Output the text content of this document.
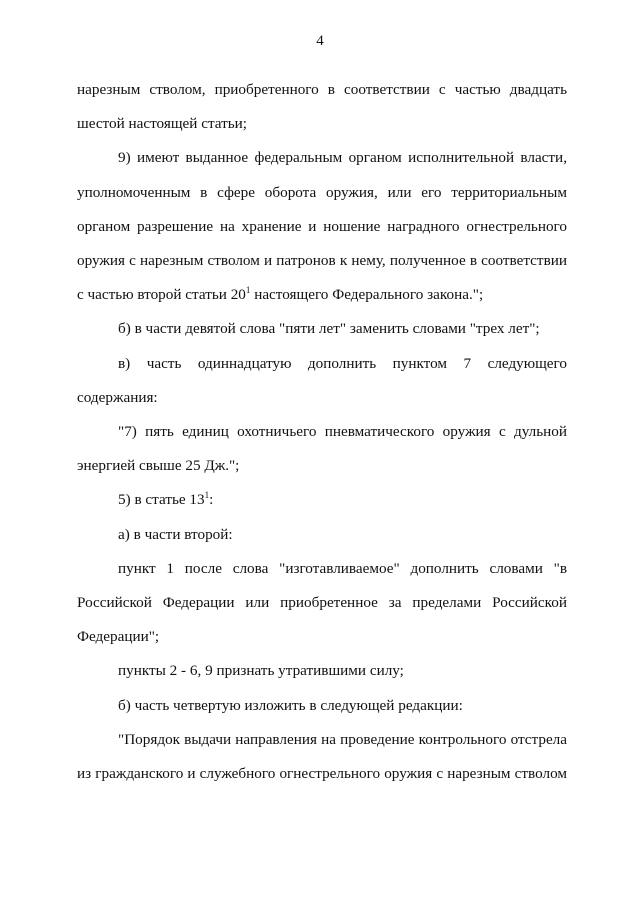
4

нарезным стволом, приобретенного в соответствии с частью двадцать шестой настоящей статьи;

9) имеют выданное федеральным органом исполнительной власти, уполномоченным в сфере оборота оружия, или его территориальным органом разрешение на хранение и ношение наградного огнестрельного оружия с нарезным стволом и патронов к нему, полученное в соответствии с частью второй статьи $20^1$ настоящего Федерального закона.";

б) в части девятой слова "пяти лет" заменить словами "трех лет";

в) часть одиннадцатую дополнить пунктом 7 следующего содержания:

"7) пять единиц охотничьего пневматического оружия с дульной энергией свыше 25 Дж.";

5) в статье $13^1$:

а) в части второй:

пункт 1 после слова "изготавливаемое" дополнить словами "в Российской Федерации или приобретенное за пределами Российской Федерации";

пункты 2 - 6, 9 признать утратившими силу;

б) часть четвертую изложить в следующей редакции:

"Порядок выдачи направления на проведение контрольного отстрела из гражданского и служебного огнестрельного оружия с нарезным стволом
